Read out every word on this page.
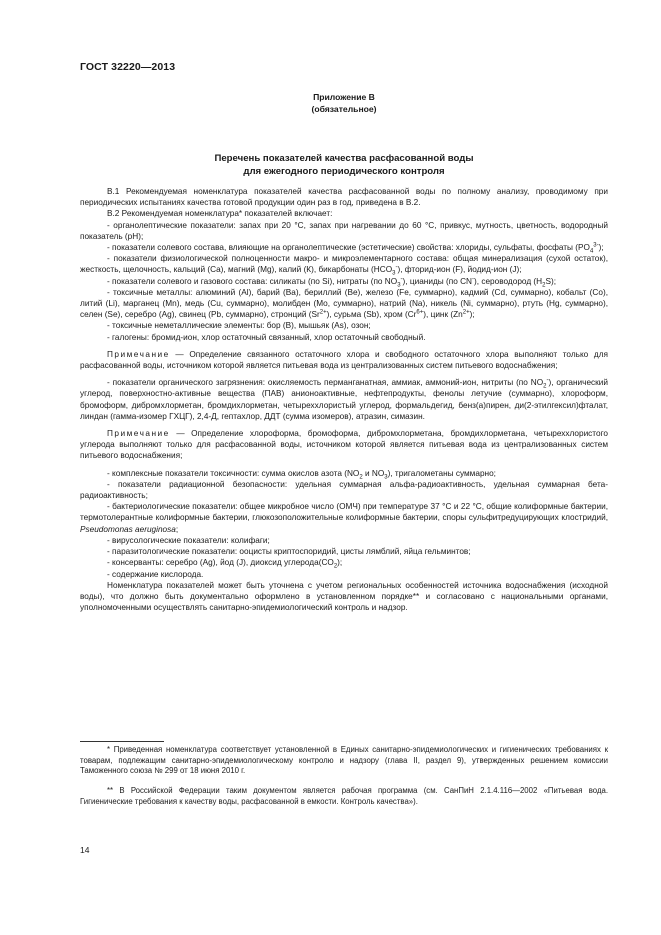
ГОСТ 32220—2013
Приложение В
(обязательное)
Перечень показателей качества расфасованной воды
для ежегодного периодического контроля

В.1 Рекомендуемая номенклатура показателей качества расфасованной воды по полному анализу, проводимому при периодических испытаниях качества готовой продукции один раз в год, приведена в В.2.

В.2 Рекомендуемая номенклатура* показателей включает:

- органолептические показатели: запах при 20 °С, запах при нагревании до 60 °С, привкус, мутность, цветность, водородный показатель (рН);

- показатели солевого состава, влияющие на органолептические (эстетические) свойства: хлориды, сульфаты, фосфаты $(PO_4^{3-})$;

- показатели физиологической полноценности макро- и микроэлементарного состава: общая минерализация (сухой остаток), жесткость, щелочность, кальций (Ca), магний (Mg), калий (К), бикарбонаты $(HCO_3^-)$, фторид-ион (F), йодид-ион (J);

- показатели солевого и газового состава: силикаты (по Si), нитраты (по $NO_3^-$), цианиды (по CN-), сероводород $(H_2S)$;

- токсичные металлы: алюминий (Al), барий (Ba), бериллий (Be), железо (Fe, суммарно), кадмий (Cd, суммарно), кобальт (Co), литий (Li), марганец (Mn), медь (Cu, суммарно), молибден (Mo, суммарно), натрий (Na), никель (Ni, суммарно), ртуть (Hg, суммарно), селен (Se), серебро (Ag), свинец (Pb, суммарно), стронций $(Sr^{2+})$, сурьма (Sb), хром $(Cr^{6+})$, цинк $(Zn^{2+})$;

- токсичные неметаллические элементы: бор (B), мышьяк (As), озон;

- галогены: бромид-ион, хлор остаточный связанный, хлор остаточный свободный.

Примечание — Определение связанного остаточного хлора и свободного остаточного хлора выполняют только для расфасованной воды, источником которой является питьевая вода из централизованных систем питьевого водоснабжения;

- показатели органического загрязнения: окисляемость перманганатная, аммиак, аммоний-ион, нитриты (по $NO_2^-$), органический углерод, поверхностно-активные вещества (ПАВ) анионоактивные, нефтепродукты, фенолы летучие (суммарно), хлороформ, бромоформ, дибромхлорметан, бромдихлорметан, четыреххлористый углерод, формальдегид, бенз(а)пирен, ди(2-этилгексил)фталат, линдан (гамма-изомер ГХЦГ), 2,4-Д, гептахлор, ДДТ (сумма изомеров), атразин, симазин.

Примечание — Определение хлороформа, бромоформа, дибромхлорметана, бромдихлорметана, четыреххлористого углерода выполняют только для расфасованной воды, источником которой является питьевая вода из централизованных систем питьевого водоснабжения;

- комплексные показатели токсичности: сумма окислов азота ($NO_2$ и $NO_3$), тригалометаны суммарно;

- показатели радиационной безопасности: удельная суммарная альфа-радиоактивность, удельная суммарная бета-радиоактивность;

- бактериологические показатели: общее микробное число (ОМЧ) при температуре 37 °С и 22 °С, общие колиформные бактерии, термотолерантные колиформные бактерии, глюкозоположительные колиформные бактерии, споры сульфитредуцирующих клостридий, Pseudomonas aeruginosa;

- вирусологические показатели: колифаги;

- паразитологические показатели: ооцисты криптоспоридий, цисты лямблий, яйца гельминтов;

- консерванты: серебро (Ag), йод (J), диоксид $углерода(CO_2)$;

- содержание кислорода.

Номенклатура показателей может быть уточнена с учетом региональных особенностей источника водоснабжения (исходной воды), что должно быть документально оформлено в установленном порядке** и согласовано с национальными органами, уполномоченными осуществлять санитарно-эпидемиологический контроль и надзор.

* Приведенная номенклатура соответствует установленной в Единых санитарно-эпидемиологических и гигиенических требованиях к товарам, подлежащим санитарно-эпидемиологическому контролю и надзору (глава II, раздел 9), утвержденных решением комиссии Таможенного союза № 299 от 18 июня 2010 г.

** В Российской Федерации таким документом является рабочая программа (см. СанПиН 2.1.4.116—2002 «Питьевая вода. Гигиенические требования к качеству воды, расфасованной в емкости. Контроль качества»).

14
